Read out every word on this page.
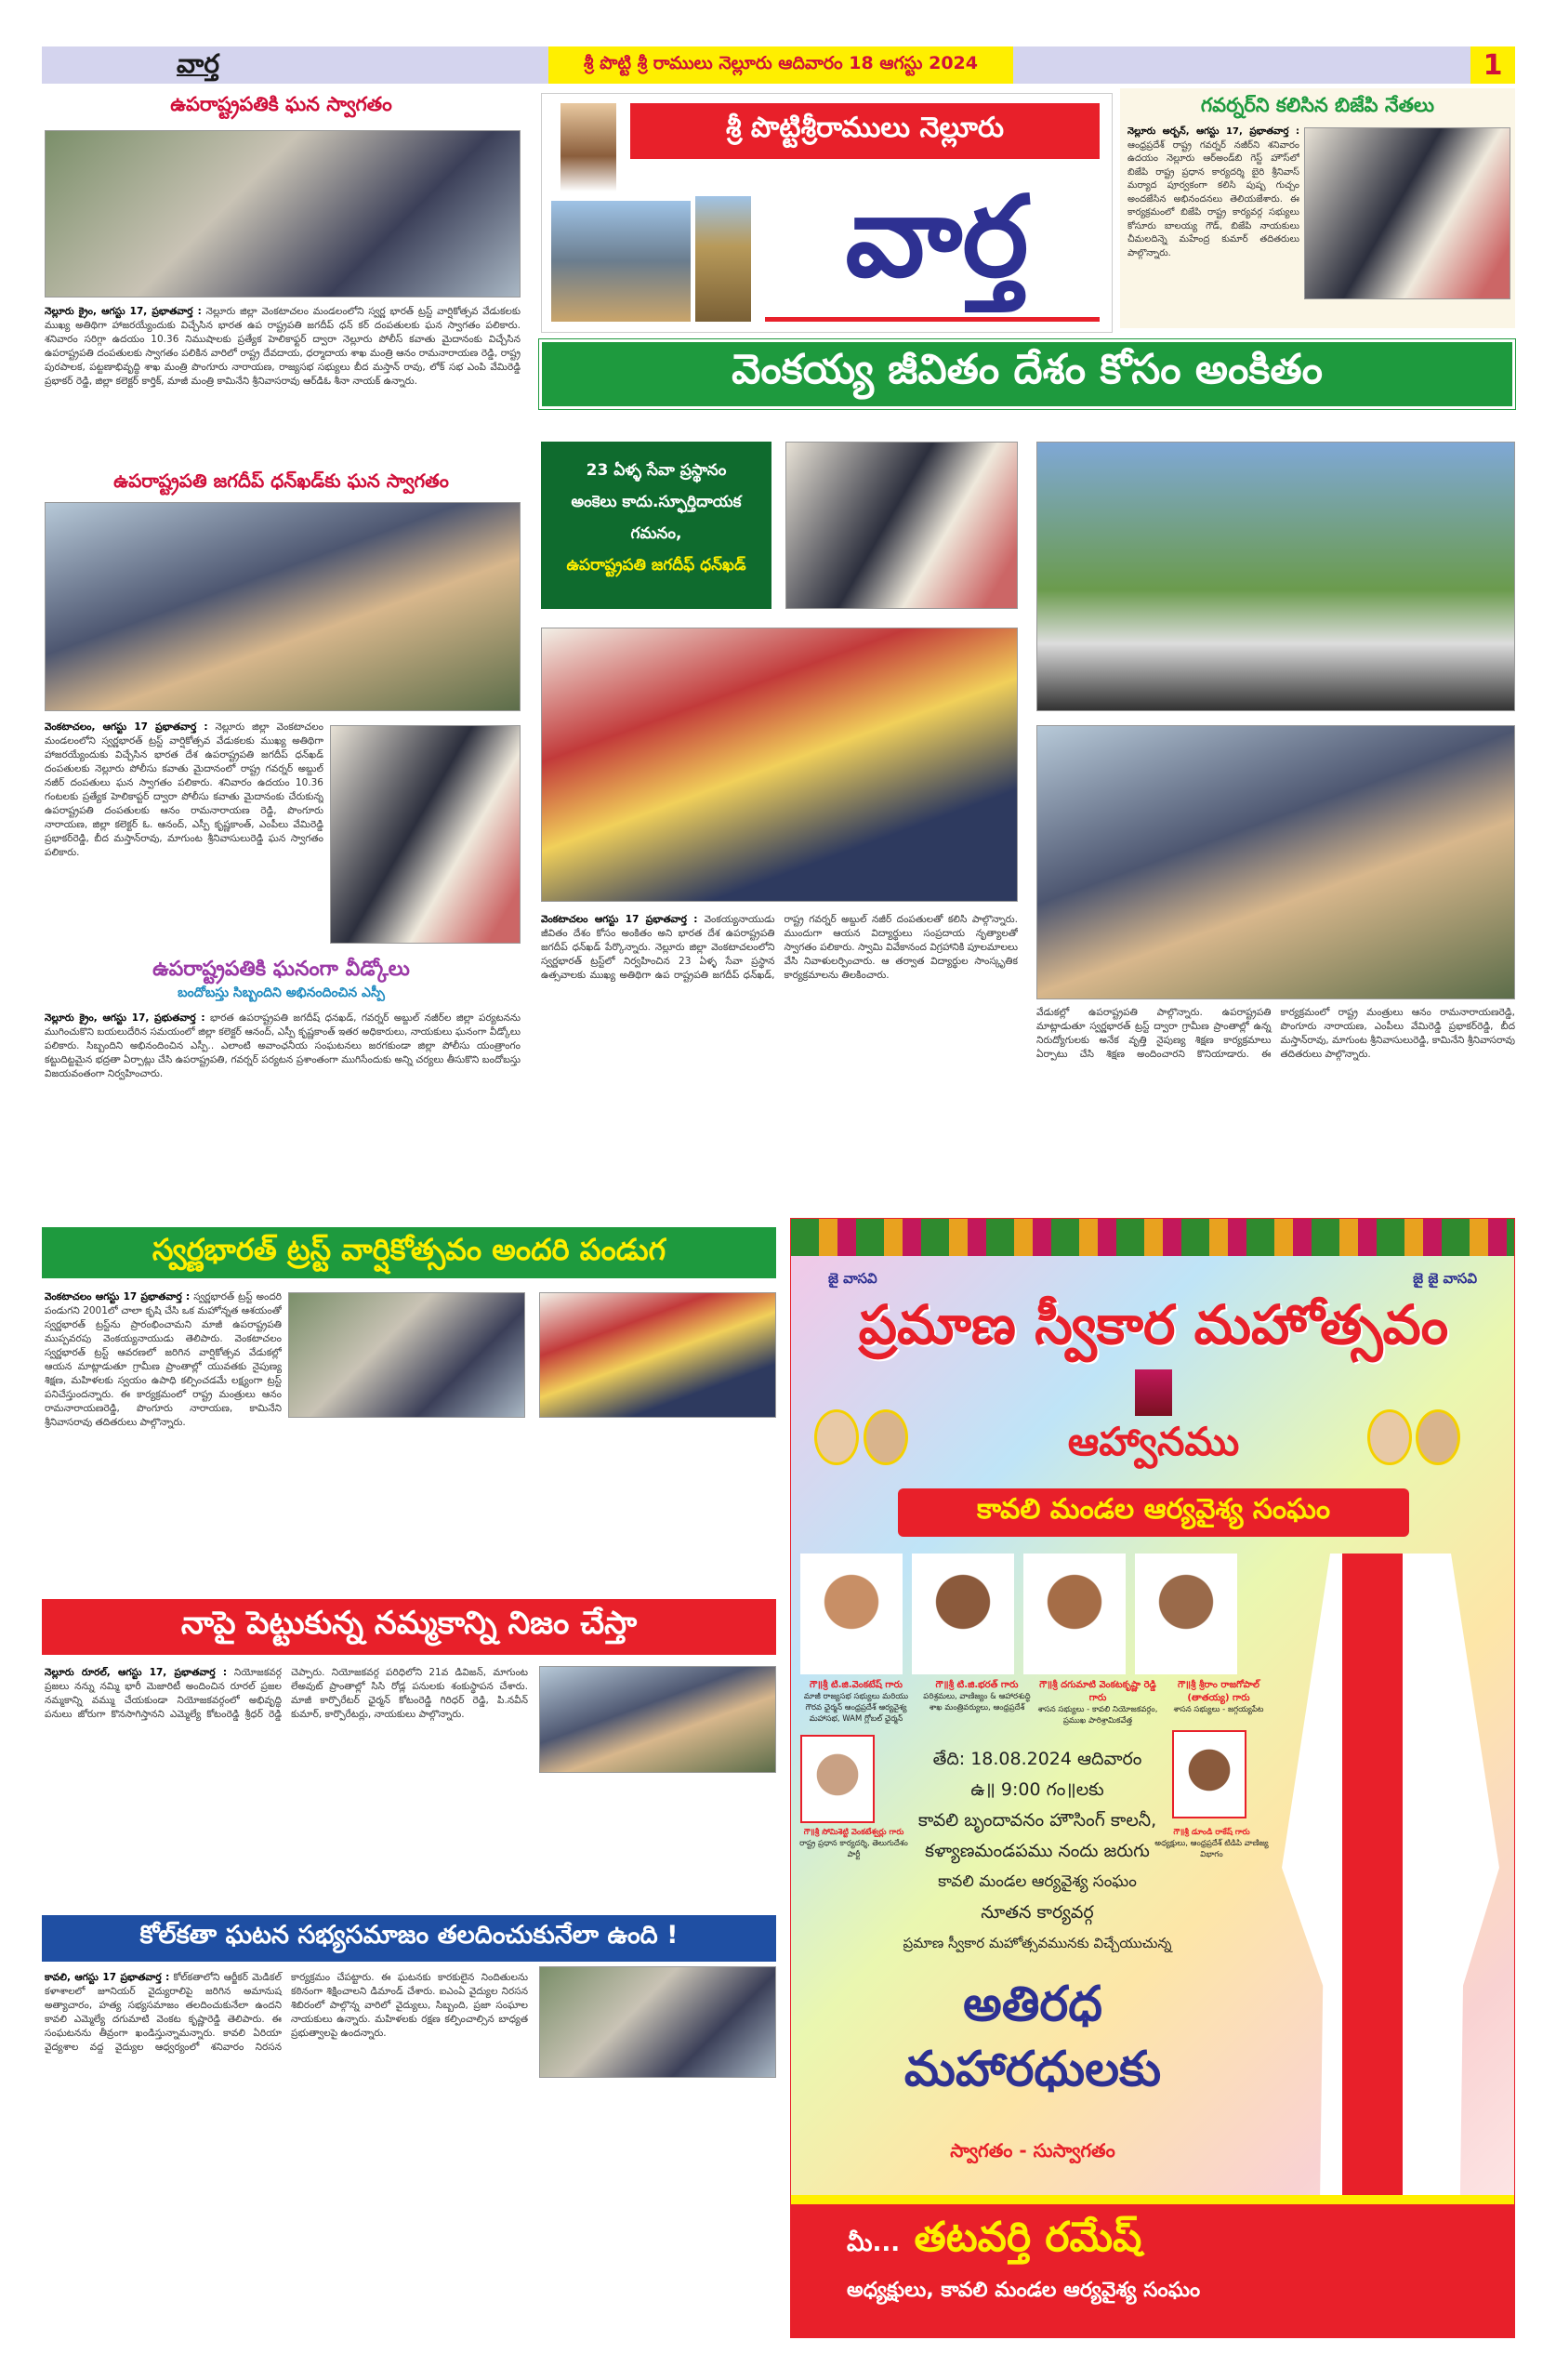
వార్త	శ్రీ పొట్టి శ్రీ రాములు నెల్లూరు ఆదివారం 18 ఆగస్టు 2024	1
ఉపరాష్ట్రపతికి ఘన స్వాగతం
నెల్లూరు క్రైం, ఆగస్టు 17, ప్రభాతవార్త : నెల్లూరు జిల్లా వెంకటాచలం మండలంలోని స్వర్ణ భారత్ ట్రస్ట్ వార్షికోత్సవ వేడుకలకు ముఖ్య అతిథిగా హాజరయ్యేందుకు విచ్చేసిన భారత ఉప రాష్ట్రపతి జగదీప్ ధన్ కర్ దంపతులకు ఘన స్వాగతం పలికారు. శనివారం సరిగ్గా ఉదయం 10.36 నిముషాలకు ప్రత్యేక హెలికాఫ్టర్ ద్వారా నెల్లూరు పోలీస్ కవాతు మైదానంకు విచ్చేసిన ఉపరాష్ట్రపతి దంపతులకు స్వాగతం పలికిన వారిలో రాష్ట్ర దేవదాయ, ధర్మాదాయ శాఖ మంత్రి ఆనం రామనారాయణ రెడ్డి, రాష్ట్ర పురపాలక, పట్టణాభివృద్ధి శాఖ మంత్రి పొంగూరు నారాయణ, రాజ్యసభ సభ్యులు బీద మస్తాన్ రావు, లోక్ సభ ఎంపి వేమిరెడ్డి ప్రభాకర్ రెడ్డి, జిల్లా కలెక్టర్ కార్తిక్, మాజీ మంత్రి కామినేని శ్రీనివాసరావు ఆర్‌డిఓ శీనా నాయక్ ఉన్నారు.
ఉపరాష్ట్రపతి జగదీప్ ధన్‌ఖడ్‌కు ఘన స్వాగతం
వెంకటాచలం, ఆగస్టు 17 ప్రభాతవార్త : నెల్లూరు జిల్లా వెంకటాచలం మండలంలోని స్వర్ణభారత్ ట్రస్ట్ వార్షికోత్సవ వేడుకలకు ముఖ్య అతిథిగా హాజరయ్యేందుకు విచ్చేసిన భారత దేశ ఉపరాష్ట్రపతి జగదీప్ ధన్‌ఖడ్ దంపతులకు నెల్లూరు పోలీసు కవాతు మైదానంలో రాష్ట్ర గవర్నర్ అబ్దుల్ నజీర్ దంపతులు ఘన స్వాగతం పలికారు. శనివారం ఉదయం 10.36 గంటలకు ప్రత్యేక హెలికాప్టర్ ద్వారా పోలీసు కవాతు మైదానంకు చేరుకున్న ఉపరాష్ట్రపతి దంపతులకు ఆనం రామనారాయణ రెడ్డి, పొంగూరు నారాయణ, జిల్లా కలెక్టర్ ఓ. ఆనంద్, ఎస్పీ కృష్ణకాంత్, ఎంపీలు వేమిరెడ్డి ప్రభాకర్‌రెడ్డి, బీద మస్తాన్‌రావు, మాగుంట శ్రీనివాసులురెడ్డి ఘన స్వాగతం పలికారు.
ఉపరాష్ట్రపతికి ఘనంగా వీడ్కోలు
బందోబస్తు సిబ్బందిని అభినందించిన ఎస్పీ
నెల్లూరు క్రైం, ఆగస్టు 17, ప్రభుతవార్త : భారత ఉపరాష్ట్రపతి జగదీష్ ధనఖడ్, గవర్నర్ అబ్దుల్ నజీర్‌ల జిల్లా పర్యటనను ముగించుకొని బయలుదేరిన సమయంలో జిల్లా కలెక్టర్ ఆనంద్, ఎస్పీ కృష్ణకాంత్ ఇతర అధికారులు, నాయకులు ఘనంగా వీడ్కోలు పలికారు. సిబ్బందిని అభినందించిన ఎస్పీ.. ఎలాంటి అవాంఛనీయ సంఘటనలు జరగకుండా జిల్లా పోలీసు యంత్రాంగం కట్టుదిట్టమైన భద్రతా ఏర్పాట్లు చేసి ఉపరాష్ట్రపతి, గవర్నర్ పర్యటన ప్రశాంతంగా ముగిసేందుకు అన్ని చర్యలు తీసుకొని బందోబస్తు విజయవంతంగా నిర్వహించారు.
శ్రీ పొట్టిశ్రీరాములు నెల్లూరు
వార్త
గవర్నర్‌ని కలిసిన బిజేపి నేతలు
నెల్లూరు అర్బన్, ఆగస్టు 17, ప్రభాతవార్త : ఆంధ్రప్రదేశ్ రాష్ట్ర గవర్నర్ నజీర్‌ని శనివారం ఉదయం నెల్లూరు ఆర్‌అండ్‌బి గెస్ట్ హౌస్‌లో బిజేపి రాష్ట్ర ప్రధాన కార్యదర్శి బైరి శ్రీనివాస్ మర్యాద పూర్వకంగా కలిసి పుష్ప గుచ్చం అందజేసిన అభినందనలు తెలియజేశారు. ఈ కార్యక్రమంలో బిజేపి రాష్ట్ర కార్యవర్గ సభ్యులు కోసూరు బాలయ్య గౌడ్, బిజేపి నాయకులు చీమలదిన్నె మహేంద్ర కుమార్ తదితరులు పాల్గొన్నారు.
వెంకయ్య జీవితం దేశం కోసం అంకితం
23 ఏళ్ళ సేవా ప్రస్థానం
అంకెలు కాదు.స్ఫూర్తిదాయక
గమనం,
ఉపరాష్ట్రపతి జగదీఫ్ ధన్‌ఖడ్
వెంకటాచలం ఆగస్టు 17 ప్రభాతవార్త : వెంకయ్యనాయుడు జీవితం దేశం కోసం అంకితం అని భారత దేశ ఉపరాష్ట్రపతి జగదీప్ ధన్‌ఖడ్ పేర్కొన్నారు. నెల్లూరు జిల్లా వెంకటాచలంలోని స్వర్ణభారత్ ట్రస్ట్‌లో నిర్వహించిన 23 ఏళ్ళ సేవా ప్రస్థాన ఉత్సవాలకు ముఖ్య అతిథిగా ఉప రాష్ట్రపతి జగదీప్ ధన్‌ఖడ్, రాష్ట్ర గవర్నర్ అబ్దుల్ నజీర్ దంపతులతో కలిసి పాల్గొన్నారు. ముందుగా ఆయన విద్యార్థులు సంప్రదాయ నృత్యాలతో స్వాగతం పలికారు. స్వామి వివేకానంద విగ్రహానికి పూలమాలలు వేసి నివాళులర్పించారు. ఆ తర్వాత విద్యార్థుల సాంస్కృతిక కార్యక్రమాలను తిలకించారు.
వేడుకల్లో ఉపరాష్ట్రపతి పాల్గొన్నారు. ఉపరాష్ట్రపతి మాట్లాడుతూ స్వర్ణభారత్ ట్రస్ట్ ద్వారా గ్రామీణ ప్రాంతాల్లో ఉన్న నిరుద్యోగులకు అనేక వృత్తి నైపుణ్య శిక్షణ కార్యక్రమాలు ఏర్పాటు చేసి శిక్షణ అందించారని కొనియాడారు. ఈ కార్యక్రమంలో రాష్ట్ర మంత్రులు ఆనం రామనారాయణరెడ్డి, పొంగూరు నారాయణ, ఎంపీలు వేమిరెడ్డి ప్రభాకర్‌రెడ్డి, బీద మస్తాన్‌రావు, మాగుంట శ్రీనివాసులురెడ్డి, కామినేని శ్రీనివాసరావు తదితరులు పాల్గొన్నారు.
స్వర్ణభారత్ ట్రస్ట్ వార్షికోత్సవం అందరి పండుగ
వెంకటాచలం ఆగస్టు 17 ప్రభాతవార్త : స్వర్ణభారత్ ట్రస్ట్ అందరి పండుగని 2001లో చాలా కృషి చేసి ఒక మహోన్నత ఆశయంతో స్వర్ణభారత్ ట్రస్ట్‌ను ప్రారంభించామని మాజీ ఉపరాష్ట్రపతి ముప్పవరపు వెంకయ్యనాయుడు తెలిపారు. వెంకటాచలం స్వర్ణభారత్ ట్రస్ట్ ఆవరణలో జరిగిన వార్షికోత్సవ వేడుకల్లో ఆయన మాట్లాడుతూ గ్రామీణ ప్రాంతాల్లో యువతకు నైపుణ్య శిక్షణ, మహిళలకు స్వయం ఉపాధి కల్పించడమే లక్ష్యంగా ట్రస్ట్ పనిచేస్తుందన్నారు. ఈ కార్యక్రమంలో రాష్ట్ర మంత్రులు ఆనం రామనారాయణరెడ్డి, పొంగూరు నారాయణ, కామినేని శ్రీనివాసరావు తదితరులు పాల్గొన్నారు.
నాపై పెట్టుకున్న నమ్మకాన్ని నిజం చేస్తా
నెల్లూరు రూరల్, ఆగస్టు 17, ప్రభాతవార్త : నియోజకవర్గ ప్రజలు నన్ను నమ్మి భారీ మెజారిటీ అందించిన రూరల్ ప్రజల నమ్మకాన్ని వమ్ము చేయకుండా నియోజకవర్గంలో అభివృద్ధి పనులు జోరుగా కొనసాగిస్తానని ఎమ్మెల్యే కోటంరెడ్డి శ్రీధర్ రెడ్డి చెప్పారు. నియోజకవర్గ పరిధిలోని 21వ డివిజన్, మాగుంట లేఅవుట్ ప్రాంతాల్లో సిసి రోడ్ల పనులకు శంకుస్థాపన చేశారు. మాజీ కార్పొరేటర్ ఛైర్మన్ కోటంరెడ్డి గిరిధర్ రెడ్డి, పి.నవీన్ కుమార్, కార్పొరేటర్లు, నాయకులు పాల్గొన్నారు.
కోల్‌కతా ఘటన సభ్యసమాజం తలదించుకునేలా ఉంది !
కావలి, ఆగస్టు 17 ప్రభాతవార్త : కోల్‌కతాలోని ఆర్జీకర్ మెడికల్ కళాశాలలో జూనియర్ వైద్యురాలిపై జరిగిన అమానుష అత్యాచారం, హత్య సభ్యసమాజం తలదించుకునేలా ఉందని కావలి ఎమ్మెల్యే దగుమాటి వెంకట కృష్ణారెడ్డి తెలిపారు. ఈ సంఘటనను తీవ్రంగా ఖండిస్తున్నామన్నారు. కావలి ఏరియా వైద్యశాల వద్ద వైద్యుల ఆధ్వర్యంలో శనివారం నిరసన కార్యక్రమం చేపట్టారు. ఈ ఘటనకు కారకులైన నిందితులను కఠినంగా శిక్షించాలని డిమాండ్ చేశారు. ఐఎంఏ వైద్యుల నిరసన శిబిరంలో పాల్గొన్న వారిలో వైద్యులు, సిబ్బంది, ప్రజా సంఘాల నాయకులు ఉన్నారు. మహిళలకు రక్షణ కల్పించాల్సిన బాధ్యత ప్రభుత్వాలపై ఉందన్నారు.
జై వాసవి	జై జై వాసవి
ప్రమాణ స్వీకార మహోత్సవం
ఆహ్వానము
కావలి మండల ఆర్యవైశ్య సంఘం
గౌ॥శ్రీ టి.జి.వెంకటేష్ గారు
మాజీ రాజ్యసభ సభ్యులు మరియు గౌరవ ఛైర్మన్ ఆంధ్రప్రదేశ్ ఆర్యవైశ్య మహాసభ, WAM గ్లోబల్ ఛైర్మన్
గౌ॥శ్రీ టి.జి.భరత్ గారు
పరిశ్రమలు, వాణిజ్యం & ఆహారశుద్ధి శాఖ మంత్రివర్యులు, ఆంధ్రప్రదేశ్
గౌ॥శ్రీ దగుమాటి వెంకటకృష్ణా రెడ్డి గారు
శాసన సభ్యులు - కావలి నియోజకవర్గం, ప్రముఖ పారిశ్రామికవేత్త
గౌ॥శ్రీ శ్రీరాం రాజగోపాల్ (తాతయ్య) గారు
శాసన సభ్యులు - జగ్గయ్యపేట
గౌ॥శ్రీ సోమిశెట్టి వెంకటేశ్వర్లు గారు
రాష్ట్ర ప్రధాన కార్యదర్శి, తెలుగుదేశం పార్టీ
గౌ॥శ్రీ డూండి రాకేష్ గారు
అధ్యక్షులు, ఆంధ్రప్రదేశ్ టిడిపి వాణిజ్య విభాగం
తేది: 18.08.2024 ఆదివారం
ఉ॥ 9:00 గం॥లకు
కావలి బృందావనం హౌసింగ్ కాలనీ,
కళ్యాణమండపము నందు జరుగు
కావలి మండల ఆర్యవైశ్య సంఘం
నూతన కార్యవర్గ
ప్రమాణ స్వీకార మహోత్సవమునకు విచ్చేయుచున్న
అతిరధ
మహారధులకు
స్వాగతం - సుస్వాగతం
మీ... తటవర్తి రమేష్
అధ్యక్షులు, కావలి మండల ఆర్యవైశ్య సంఘం
